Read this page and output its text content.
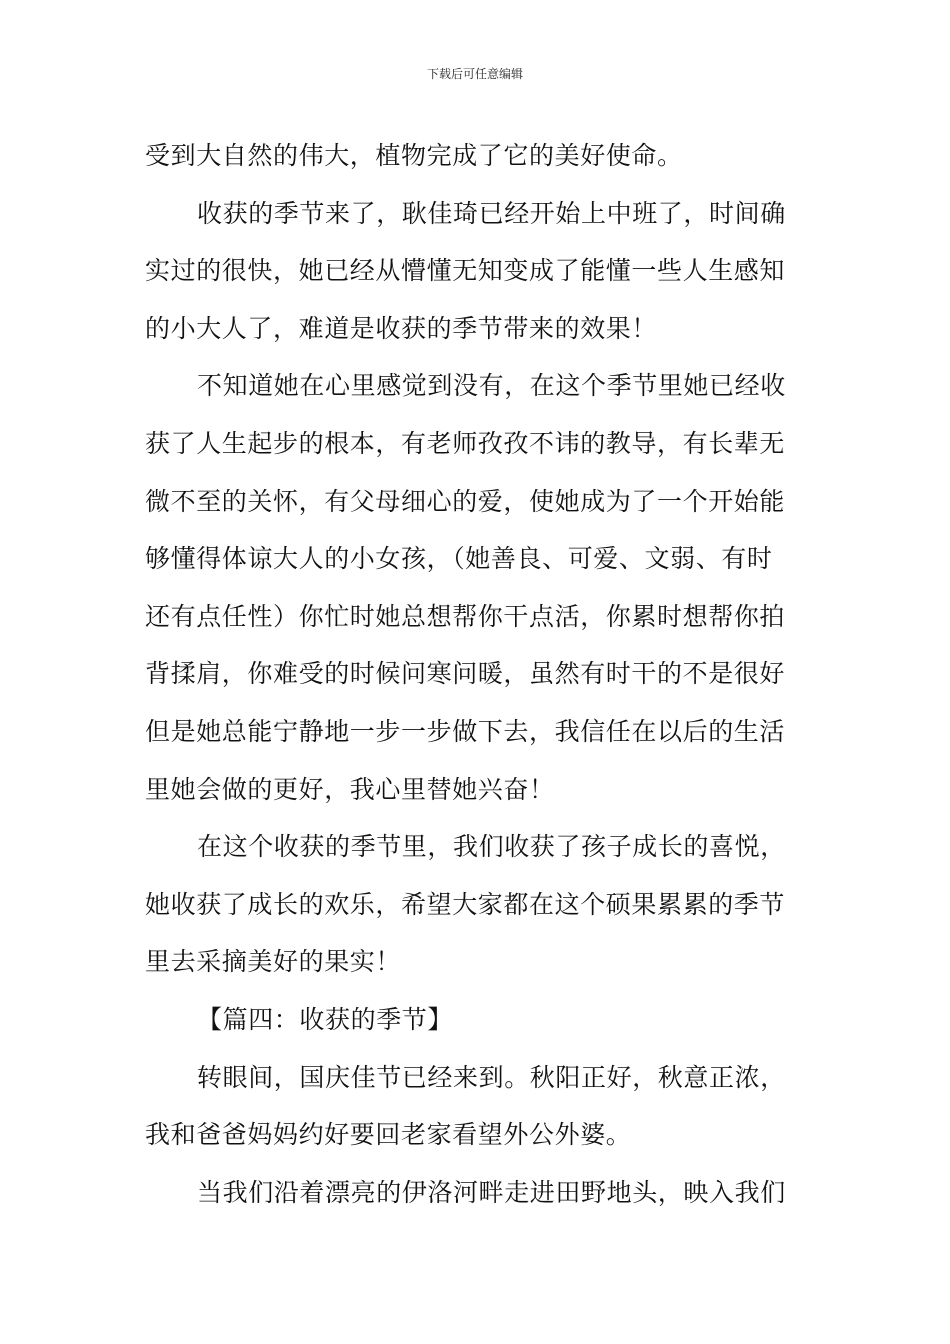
下载后可任意编辑
受到大自然的伟大，植物完成了它的美好使命。
收获的季节来了，耿佳琦已经开始上中班了，时间确
实过的很快，她已经从懵懂无知变成了能懂一些人生感知
的小大人了，难道是收获的季节带来的效果！
不知道她在心里感觉到没有，在这个季节里她已经收
获了人生起步的根本，有老师孜孜不讳的教导，有长辈无
微不至的关怀，有父母细心的爱，使她成为了一个开始能
够懂得体谅大人的小女孩，（她善良、可爱、文弱、有时
还有点任性）你忙时她总想帮你干点活，你累时想帮你拍
背揉肩，你难受的时候问寒问暖，虽然有时干的不是很好
但是她总能宁静地一步一步做下去，我信任在以后的生活
里她会做的更好，我心里替她兴奋！
在这个收获的季节里，我们收获了孩子成长的喜悦，
她收获了成长的欢乐，希望大家都在这个硕果累累的季节
里去采摘美好的果实！
【篇四：收获的季节】
转眼间，国庆佳节已经来到。秋阳正好，秋意正浓，
我和爸爸妈妈约好要回老家看望外公外婆。
当我们沿着漂亮的伊洛河畔走进田野地头，映入我们
